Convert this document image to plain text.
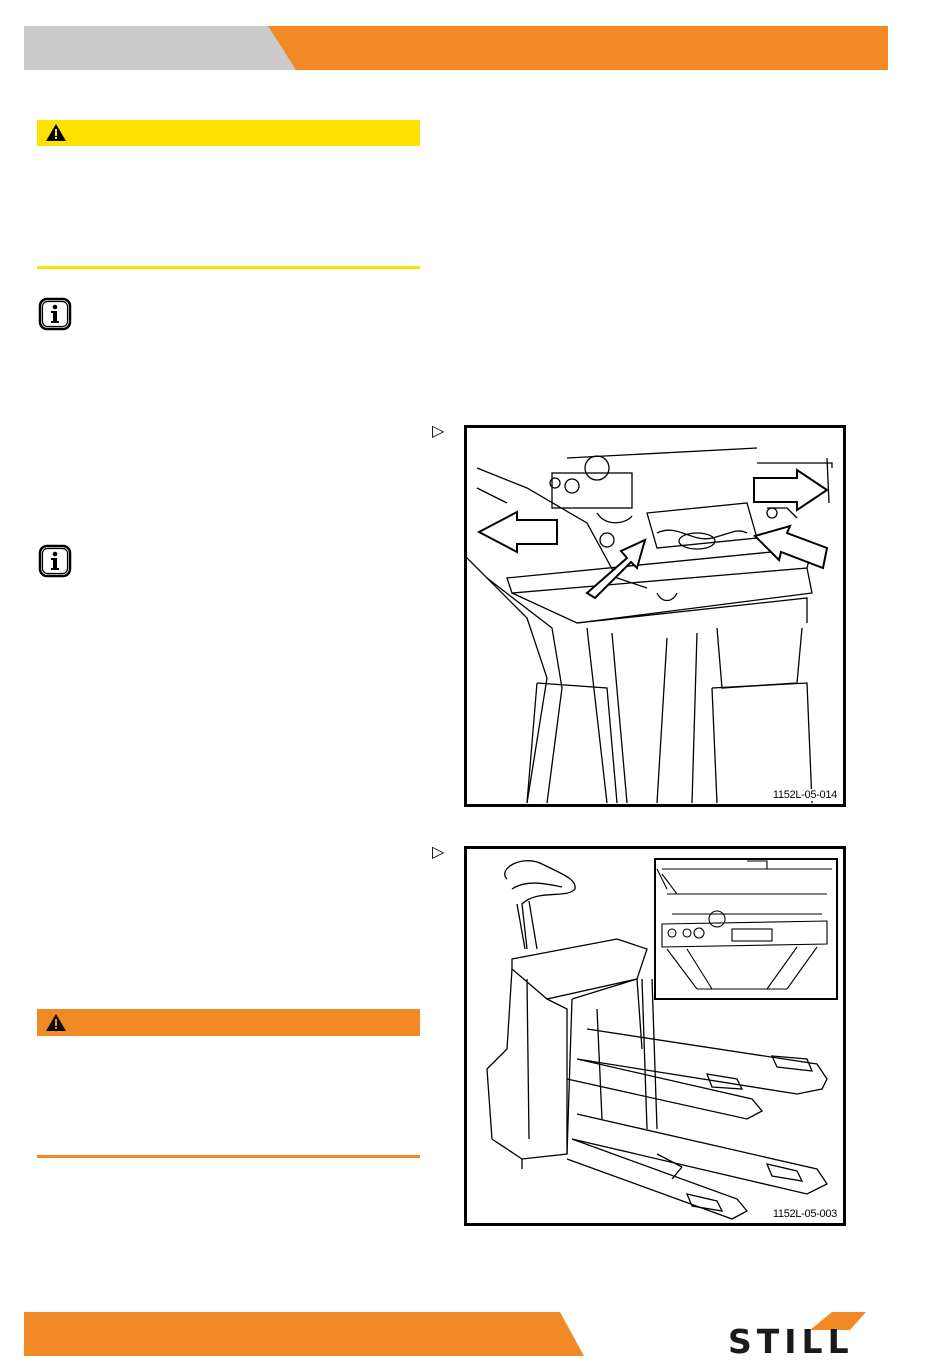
▷
▷
1152L-05-014
1152L-05-003
STILL
